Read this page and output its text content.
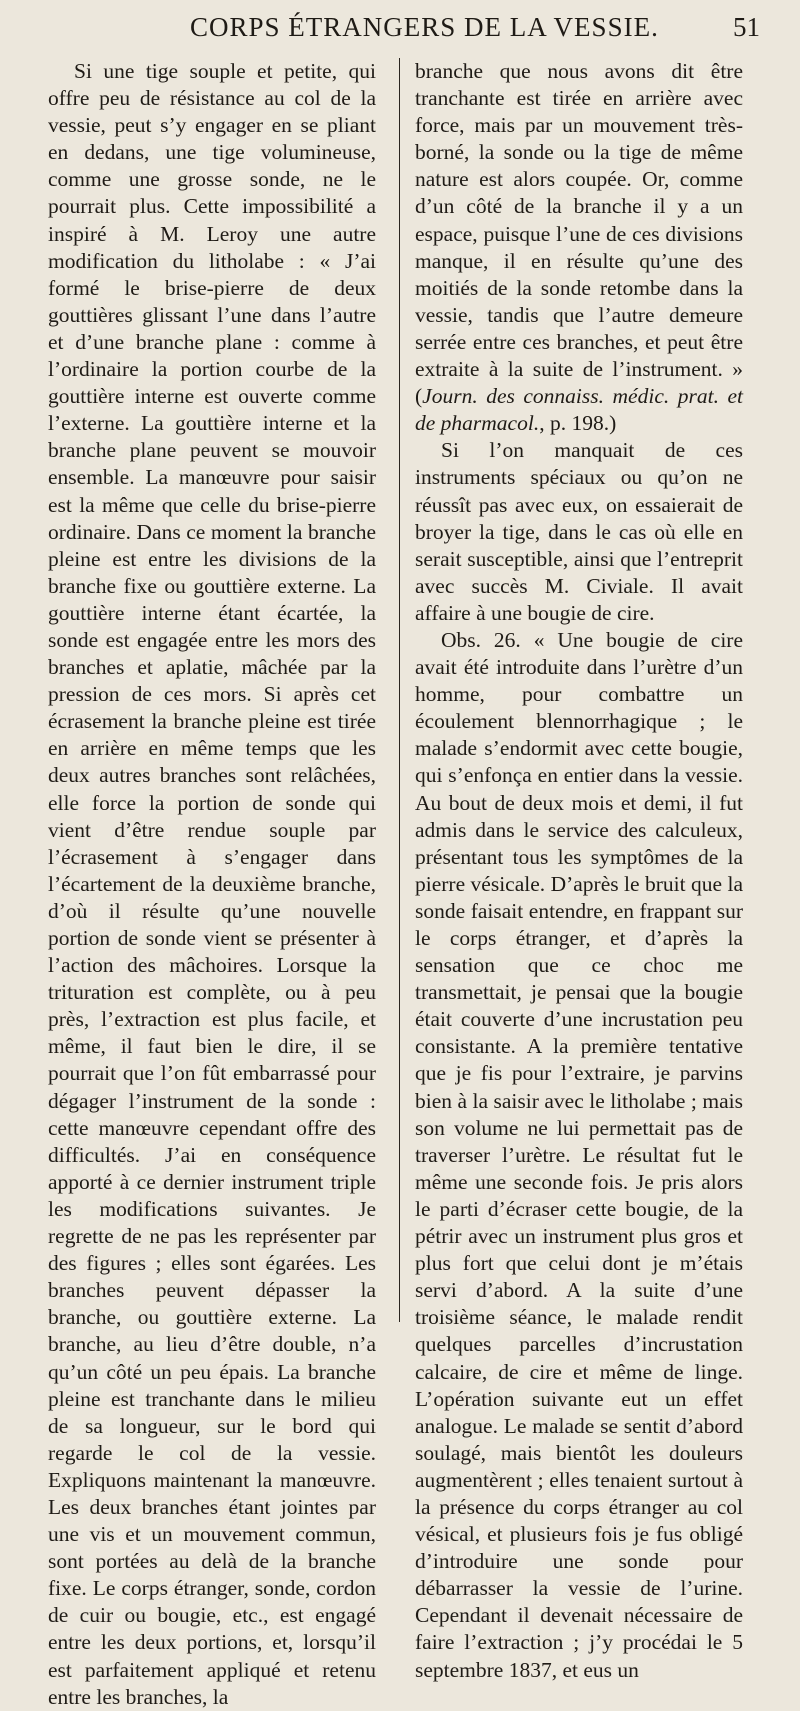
CORPS ÉTRANGERS DE LA VESSIE.	51

Si une tige souple et petite, qui offre peu de résistance au col de la vessie, peut s’y engager en se pliant en dedans, une tige volumineuse, comme une grosse sonde, ne le pourrait plus. Cette impossibilité a inspiré à M. Leroy une autre modification du litholabe : « J’ai formé le brise-pierre de deux gouttières glissant l’une dans l’autre et d’une branche plane : comme à l’ordinaire la portion courbe de la gouttière interne est ouverte comme l’externe. La gouttière interne et la branche plane peuvent se mouvoir ensemble. La manœuvre pour saisir est la même que celle du brise-pierre ordinaire. Dans ce moment la branche pleine est entre les divisions de la branche fixe ou gouttière externe. La gouttière interne étant écartée, la sonde est engagée entre les mors des branches et aplatie, mâchée par la pression de ces mors. Si après cet écrasement la branche pleine est tirée en arrière en même temps que les deux autres branches sont relâchées, elle force la portion de sonde qui vient d’être rendue souple par l’écrasement à s’engager dans l’écartement de la deuxième branche, d’où il résulte qu’une nouvelle portion de sonde vient se présenter à l’action des mâchoires. Lorsque la trituration est complète, ou à peu près, l’extraction est plus facile, et même, il faut bien le dire, il se pourrait que l’on fût embarrassé pour dégager l’instrument de la sonde : cette manœuvre cependant offre des difficultés. J’ai en conséquence apporté à ce dernier instrument triple les modifications suivantes. Je regrette de ne pas les représenter par des figures ; elles sont égarées. Les branches peuvent dépasser la branche, ou gouttière externe. La branche, au lieu d’être double, n’a qu’un côté un peu épais. La branche pleine est tranchante dans le milieu de sa longueur, sur le bord qui regarde le col de la vessie. Expliquons maintenant la manœuvre. Les deux branches étant jointes par une vis et un mouvement commun, sont portées au delà de la branche fixe. Le corps étranger, sonde, cordon de cuir ou bougie, etc., est engagé entre les deux portions, et, lorsqu’il est parfaitement appliqué et retenu entre les branches, la

branche que nous avons dit être tranchante est tirée en arrière avec force, mais par un mouvement très-borné, la sonde ou la tige de même nature est alors coupée. Or, comme d’un côté de la branche il y a un espace, puisque l’une de ces divisions manque, il en résulte qu’une des moitiés de la sonde retombe dans la vessie, tandis que l’autre demeure serrée entre ces branches, et peut être extraite à la suite de l’instrument. » (Journ. des connaiss. médic. prat. et de pharmacol., p. 198.)

Si l’on manquait de ces instruments spéciaux ou qu’on ne réussît pas avec eux, on essaierait de broyer la tige, dans le cas où elle en serait susceptible, ainsi que l’entreprit avec succès M. Civiale. Il avait affaire à une bougie de cire.

Obs. 26. « Une bougie de cire avait été introduite dans l’urètre d’un homme, pour combattre un écoulement blennorrhagique ; le malade s’endormit avec cette bougie, qui s’enfonça en entier dans la vessie. Au bout de deux mois et demi, il fut admis dans le service des calculeux, présentant tous les symptômes de la pierre vésicale. D’après le bruit que la sonde faisait entendre, en frappant sur le corps étranger, et d’après la sensation que ce choc me transmettait, je pensai que la bougie était couverte d’une incrustation peu consistante. A la première tentative que je fis pour l’extraire, je parvins bien à la saisir avec le litholabe ; mais son volume ne lui permettait pas de traverser l’urètre. Le résultat fut le même une seconde fois. Je pris alors le parti d’écraser cette bougie, de la pétrir avec un instrument plus gros et plus fort que celui dont je m’étais servi d’abord. A la suite d’une troisième séance, le malade rendit quelques parcelles d’incrustation calcaire, de cire et même de linge. L’opération suivante eut un effet analogue. Le malade se sentit d’abord soulagé, mais bientôt les douleurs augmentèrent ; elles tenaient surtout à la présence du corps étranger au col vésical, et plusieurs fois je fus obligé d’introduire une sonde pour débarrasser la vessie de l’urine. Cependant il devenait nécessaire de faire l’extraction ; j’y procédai le 5 septembre 1837, et eus un
